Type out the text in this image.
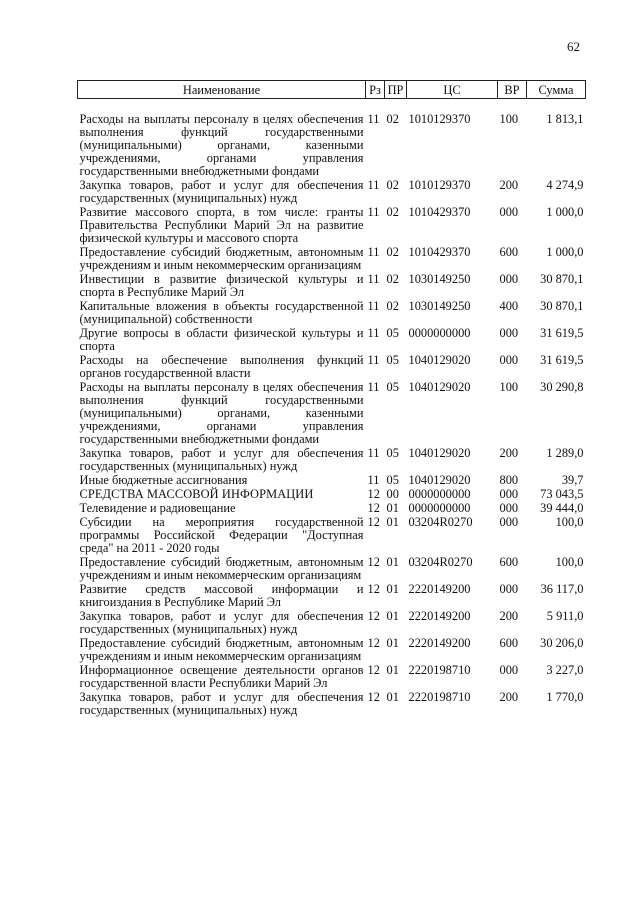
62
Наименование	Рз	ПР	ЦС	ВР	Сумма
Расходы на выплаты персоналу в целях обеспечения выполнения функций государственными (муниципальными) органами, казенными учреждениями, органами управления государственными внебюджетными фондами	11	02	1010129370	100	1 813,1
Закупка товаров, работ и услуг для обеспечения государственных (муниципальных) нужд	11	02	1010129370	200	4 274,9
Развитие массового спорта, в том числе: гранты Правительства Республики Марий Эл на развитие физической культуры и массового спорта	11	02	1010429370	000	1 000,0
Предоставление субсидий бюджетным, автономным учреждениям и иным некоммерческим организациям	11	02	1010429370	600	1 000,0
Инвестиции в развитие физической культуры и спорта в Республике Марий Эл	11	02	1030149250	000	30 870,1
Капитальные вложения в объекты государственной (муниципальной) собственности	11	02	1030149250	400	30 870,1
Другие вопросы в области физической культуры и спорта	11	05	0000000000	000	31 619,5
Расходы на обеспечение выполнения функций органов государственной власти	11	05	1040129020	000	31 619,5
Расходы на выплаты персоналу в целях обеспечения выполнения функций государственными (муниципальными) органами, казенными учреждениями, органами управления государственными внебюджетными фондами	11	05	1040129020	100	30 290,8
Закупка товаров, работ и услуг для обеспечения государственных (муниципальных) нужд	11	05	1040129020	200	1 289,0
Иные бюджетные ассигнования	11	05	1040129020	800	39,7
СРЕДСТВА МАССОВОЙ ИНФОРМАЦИИ	12	00	0000000000	000	73 043,5
Телевидение и радиовещание	12	01	0000000000	000	39 444,0
Субсидии на мероприятия государственной программы Российской Федерации "Доступная среда" на 2011 - 2020 годы	12	01	03204R0270	000	100,0
Предоставление субсидий бюджетным, автономным учреждениям и иным некоммерческим организациям	12	01	03204R0270	600	100,0
Развитие средств массовой информации и книгоиздания в Республике Марий Эл	12	01	2220149200	000	36 117,0
Закупка товаров, работ и услуг для обеспечения государственных (муниципальных) нужд	12	01	2220149200	200	5 911,0
Предоставление субсидий бюджетным, автономным учреждениям и иным некоммерческим организациям	12	01	2220149200	600	30 206,0
Информационное освещение деятельности органов государственной власти Республики Марий Эл	12	01	2220198710	000	3 227,0
Закупка товаров, работ и услуг для обеспечения государственных (муниципальных) нужд	12	01	2220198710	200	1 770,0
